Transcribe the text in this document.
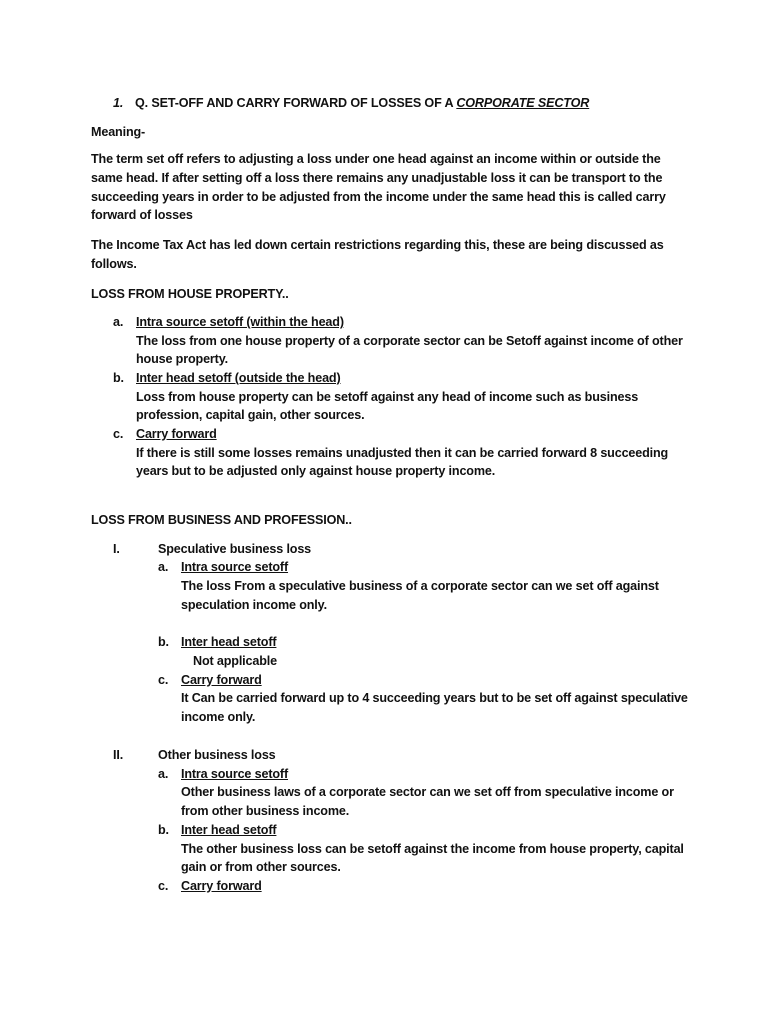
1. Q. SET-OFF AND CARRY FORWARD OF LOSSES OF A CORPORATE SECTOR
Meaning-
The term set off refers to adjusting a loss under one head against an income within or outside the
same head. If after setting off a loss there remains any unadjustable loss it can be transport to the
succeeding years in order to be adjusted from the income under the same head this is called carry
forward of losses
The Income Tax Act has led down certain restrictions regarding this, these are being discussed as
follows.
LOSS FROM HOUSE PROPERTY..
a. Intra source setoff (within the head)
The loss from one house property of a corporate sector can be Setoff against income of other
house property.
b. Inter head setoff (outside the head)
Loss from house property can be setoff against any head of income such as business
profession, capital gain, other sources.
c. Carry forward
If there is still some losses remains unadjusted then it can be carried forward 8 succeeding
years but to be adjusted only against house property income.
LOSS FROM BUSINESS AND PROFESSION..
I.	Speculative business loss
a. Intra source setoff
The loss From a speculative business of a corporate sector can we set off against
speculation income only.
b. Inter head setoff
Not applicable
c. Carry forward
It Can be carried forward up to 4 succeeding years but to be set off against speculative
income only.
II.	Other business loss
a. Intra source setoff
Other business laws of a corporate sector can we set off from speculative income or
from other business income.
b. Inter head setoff
The other business loss can be setoff against the income from house property, capital
gain or from other sources.
c. Carry forward
